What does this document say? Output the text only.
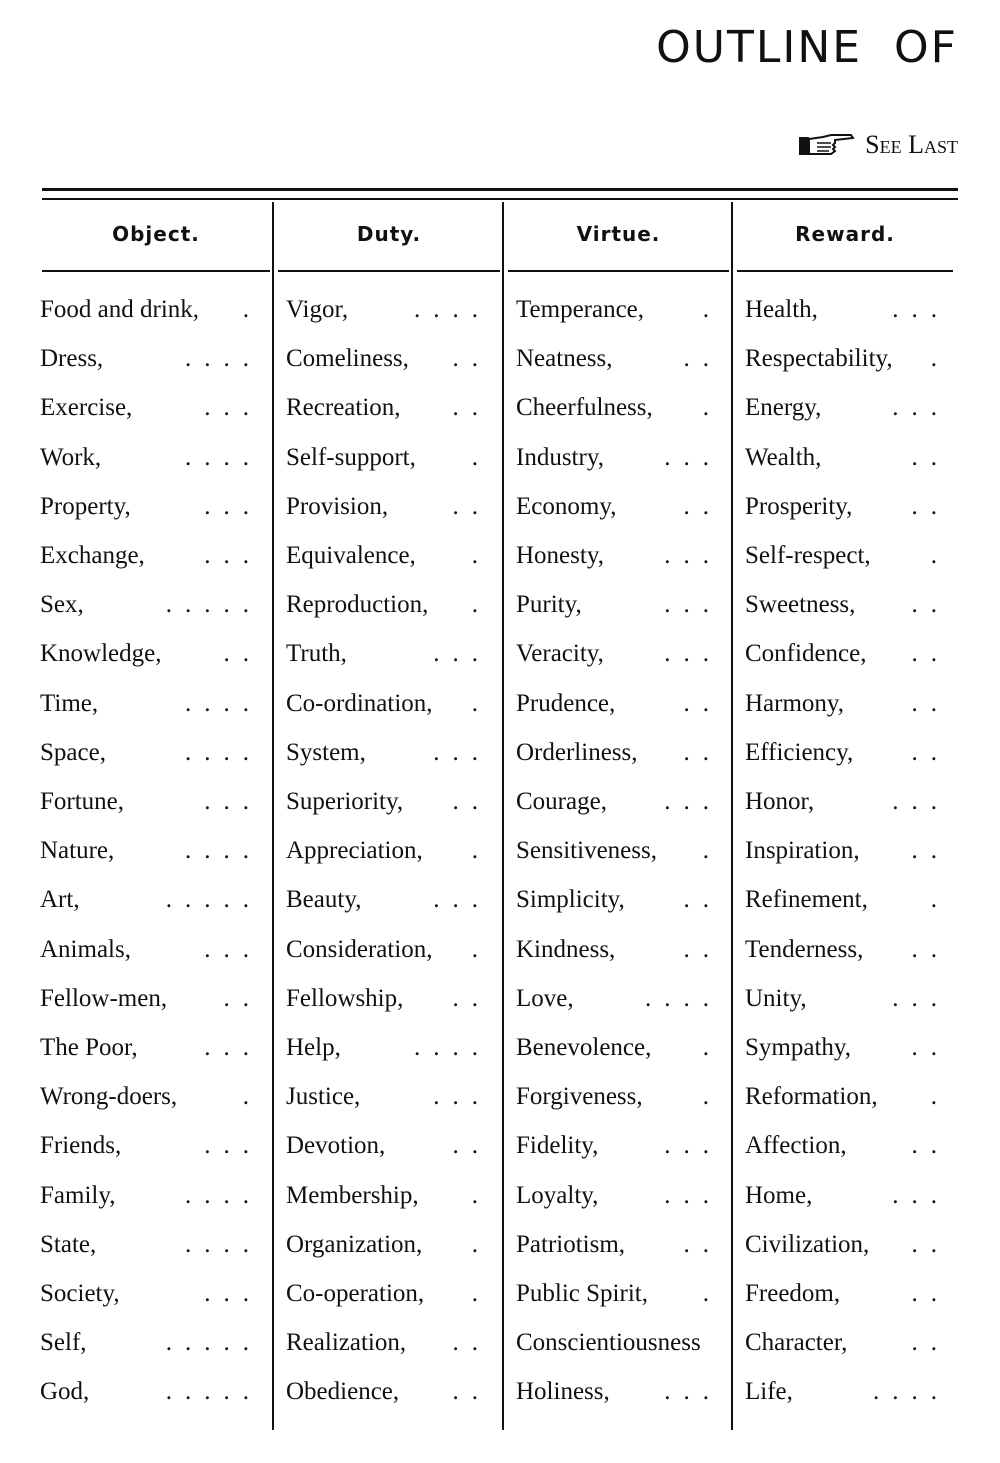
OUTLINE  OF
See Last
Object.	Duty.	Virtue.	Reward.
Food and drink, . Vigor,	.... Temperance, . Health,	...
Dress,	.... Comeliness, .. Neatness,	.. Respectability, .
Exercise,	... Recreation, .. Cheerfulness, . Energy,	...
Work,	.... Self-support, . Industry, ... Wealth,	..
Property,	... Provision,	.. Economy,	.. Prosperity, ..
Exchange, ... Equivalence, . Honesty, ... Self-respect, .
Sex,	..... Reproduction, . Purity,	... Sweetness, ..
Knowledge, .. Truth,	... Veracity, ... Confidence, ..
Time,	.... Co-ordination, . Prudence,	.. Harmony,	..
Space,	.... System,	... Orderliness, .. Efficiency, ..
Fortune,	... Superiority, .. Courage, ... Honor,	...
Nature,	.... Appreciation, . Sensitiveness, . Inspiration, ..
Art,	..... Beauty,	... Simplicity, .. Refinement,	.
Animals,	... Consideration, . Kindness,	.. Tenderness, ..
Fellow-men, .. Fellowship, .. Love,	.... Unity,	...
The Poor,	... Help,	.... Benevolence, . Sympathy, ..
Wrong-doers,	. Justice,	... Forgiveness, . Reformation, .
Friends,	... Devotion,	.. Fidelity,	... Affection,	..
Family,	.... Membership, . Loyalty,	... Home,	...
State,	.... Organization, . Patriotism, .. Civilization, ..
Society,	... Co-operation, . Public Spirit, . Freedom,	..
Self,	..... Realization, .. Conscientiousness	Character,	..
God,	..... Obedience, .. Holiness, ... Life,	....
